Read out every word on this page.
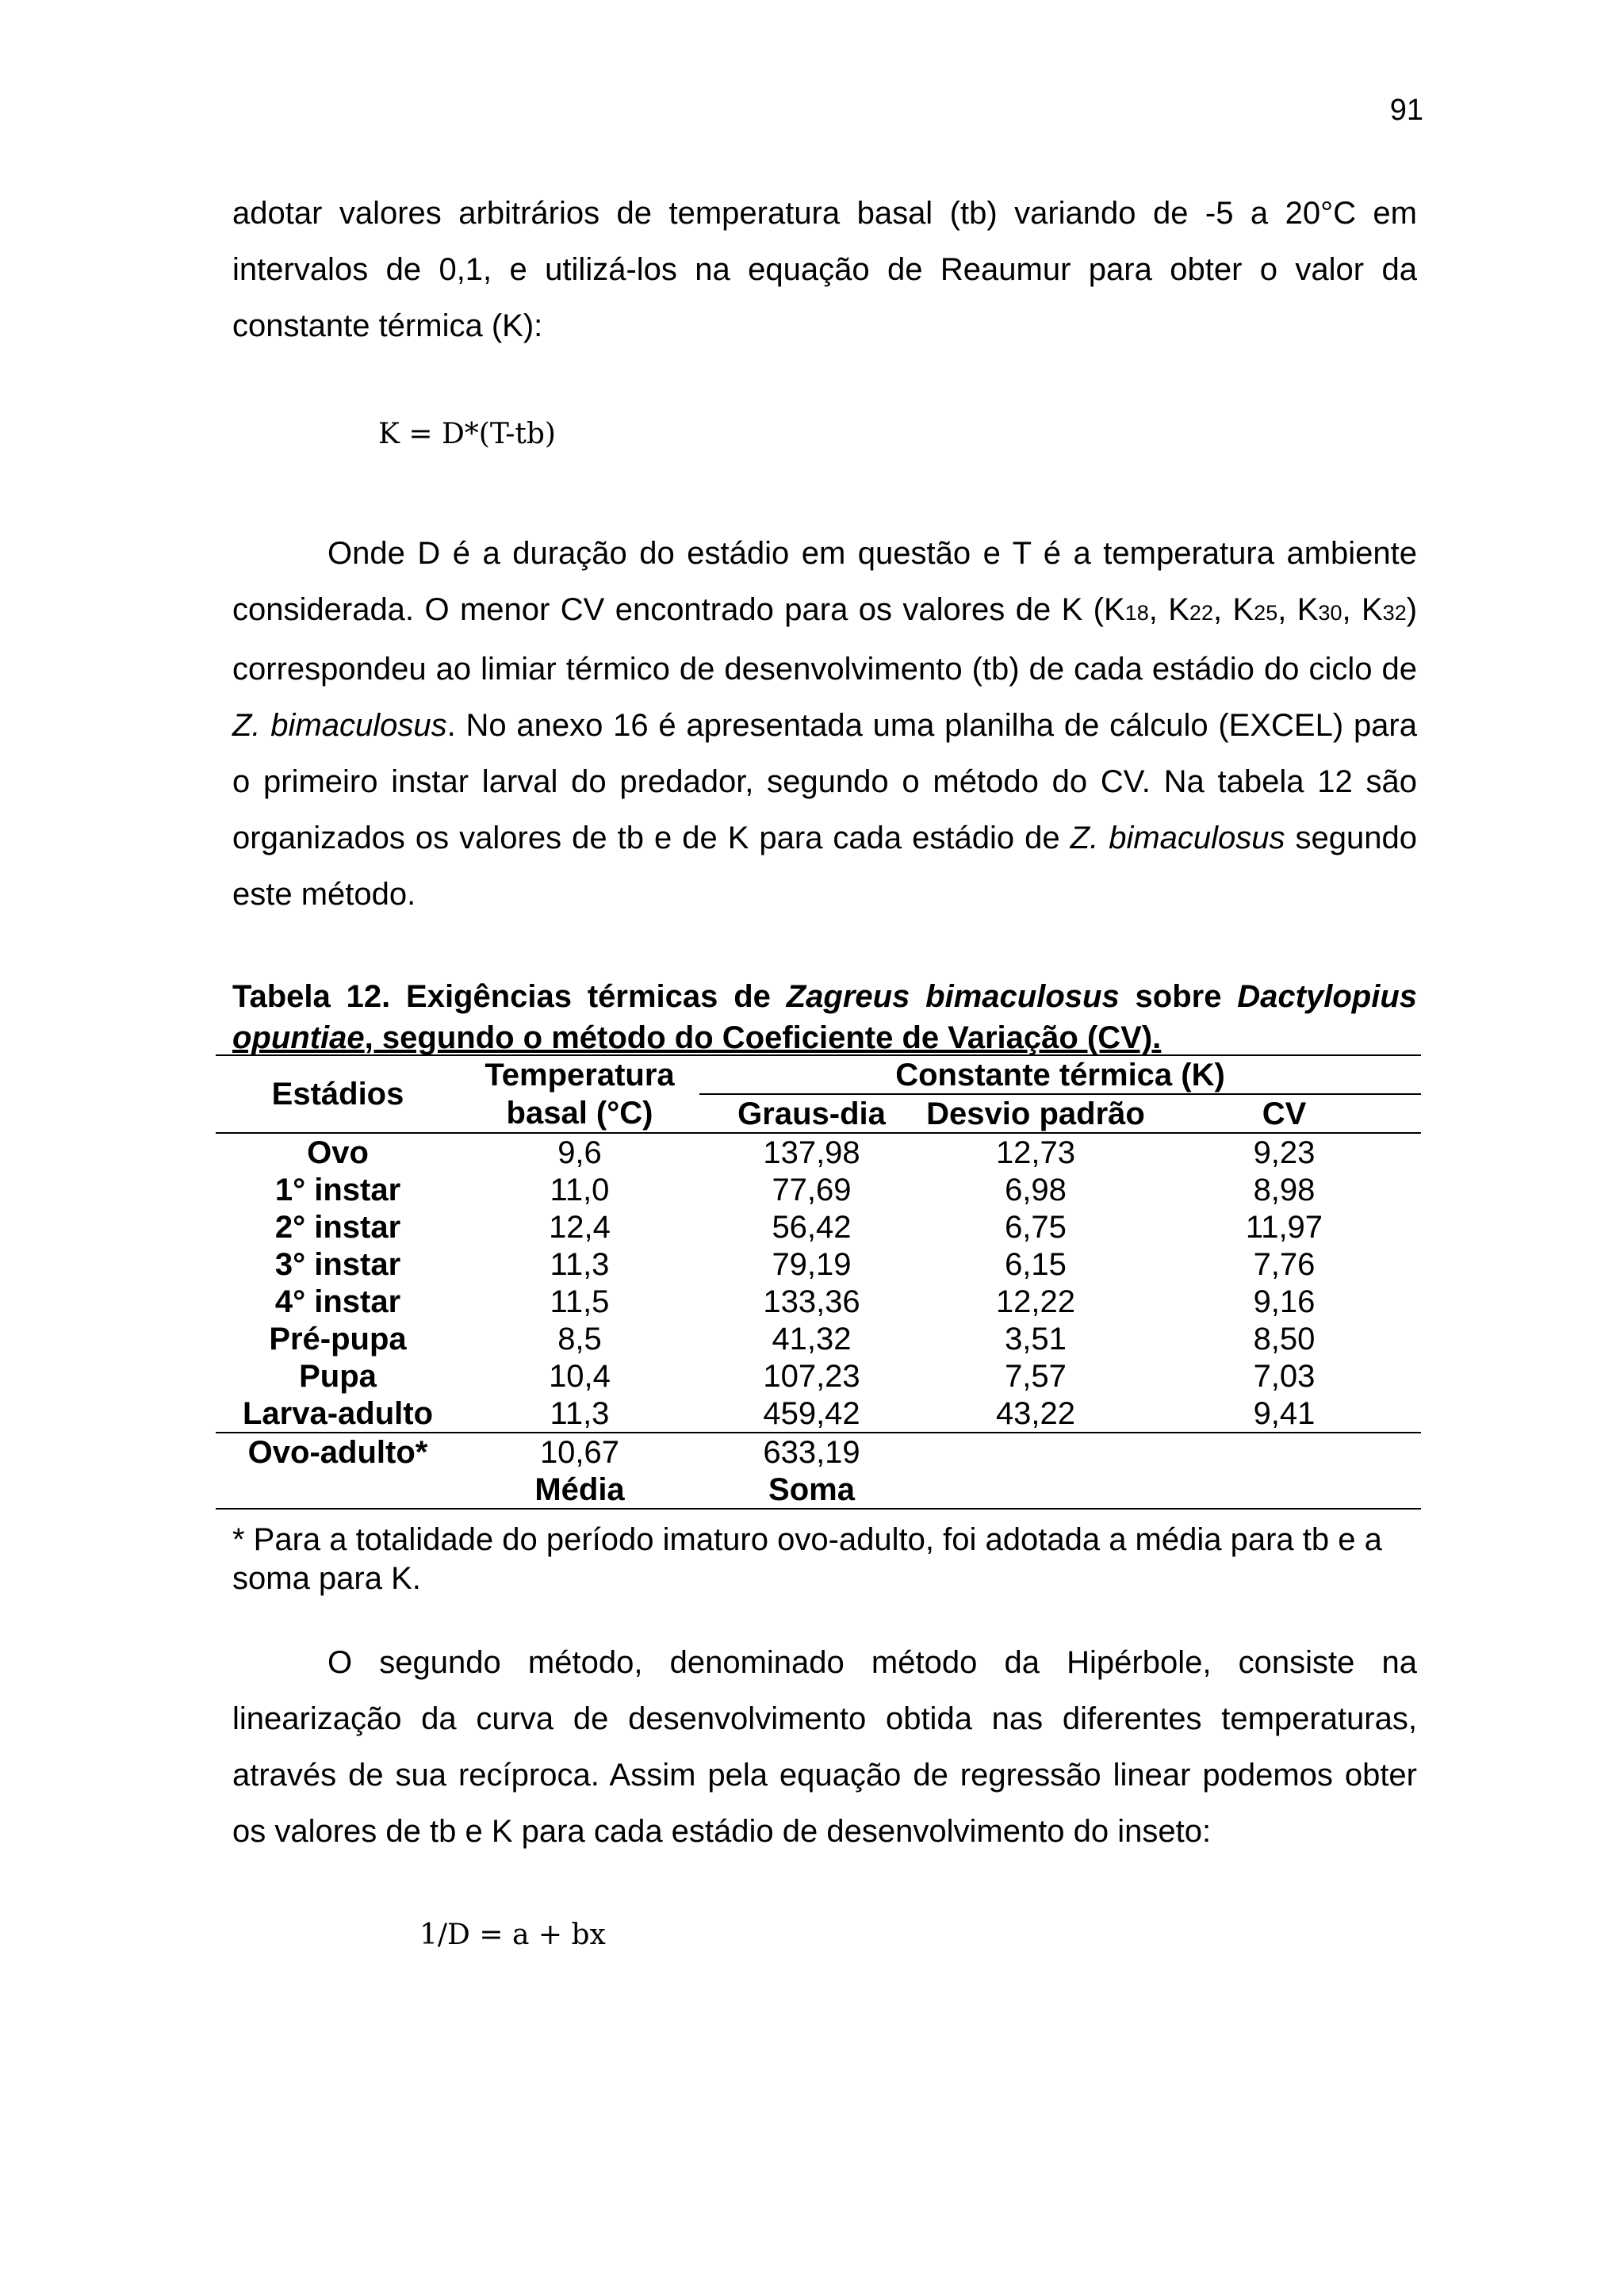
91

adotar valores arbitrários de temperatura basal (tb) variando de -5 a 20°C em intervalos de 0,1, e utilizá-los na equação de Reaumur para obter o valor da constante térmica (K):

K = D*(T-tb)

Onde D é a duração do estádio em questão e T é a temperatura ambiente considerada. O menor CV encontrado para os valores de K (K18, K22, K25, K30, K32) correspondeu ao limiar térmico de desenvolvimento (tb) de cada estádio do ciclo de Z. bimaculosus. No anexo 16 é apresentada uma planilha de cálculo (EXCEL) para o primeiro instar larval do predador, segundo o método do CV. Na tabela 12 são organizados os valores de tb e de K para cada estádio de Z. bimaculosus segundo este método.

Tabela 12. Exigências térmicas de Zagreus bimaculosus sobre Dactylopius opuntiae, segundo o método do Coeficiente de Variação (CV).

Estádios	Temperatura	Constante térmica (K)		
	basal (°C)	Graus-dia	Desvio padrão	CV
Ovo	9,6	137,98	12,73	9,23
1° instar	11,0	77,69	6,98	8,98
2° instar	12,4	56,42	6,75	11,97
3° instar	11,3	79,19	6,15	7,76
4° instar	11,5	133,36	12,22	9,16
Pré-pupa	8,5	41,32	3,51	8,50
Pupa	10,4	107,23	7,57	7,03
Larva-adulto	11,3	459,42	43,22	9,41
Ovo-adulto*	10,67	633,19		
	Média	Soma		

* Para a totalidade do período imaturo ovo-adulto, foi adotada a média para tb e a soma para K.

O segundo método, denominado método da Hipérbole, consiste na linearização da curva de desenvolvimento obtida nas diferentes temperaturas, através de sua recíproca. Assim pela equação de regressão linear podemos obter os valores de tb e K para cada estádio de desenvolvimento do inseto:

1/D = a + bx
